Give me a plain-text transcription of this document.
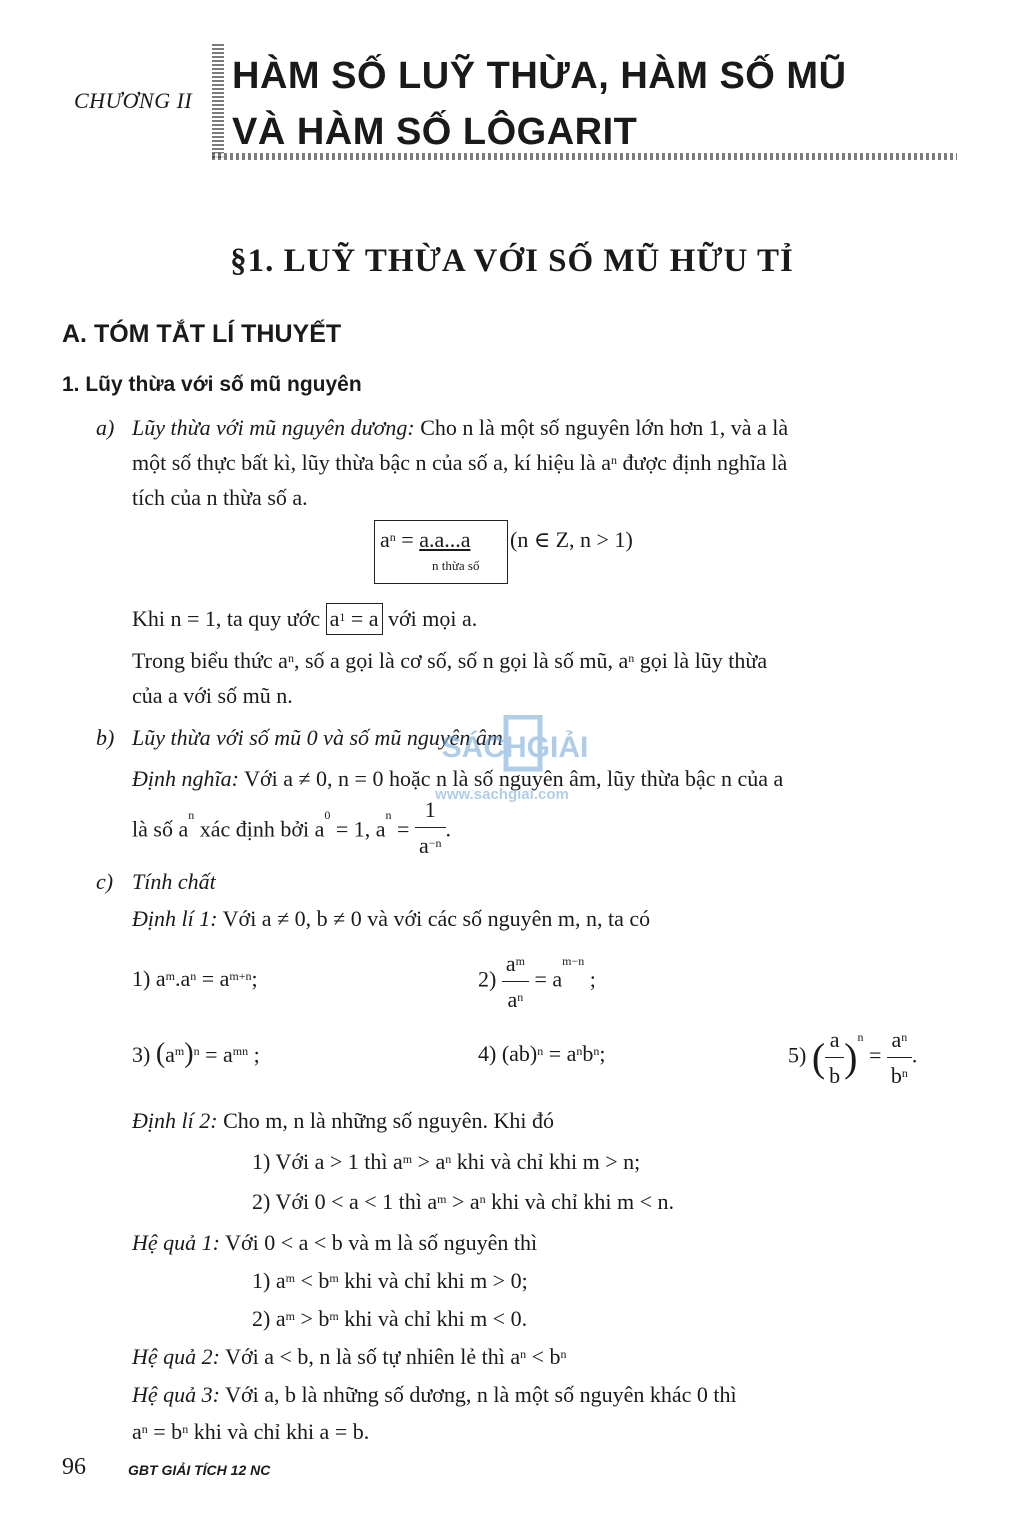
CHƯƠNG II
HÀM SỐ LUỸ THỪA, HÀM SỐ MŨ
VÀ HÀM SỐ LÔGARIT
§1. LUỸ THỪA VỚI SỐ MŨ HỮU TỈ
A. TÓM TẮT LÍ THUYẾT
1. Lũy thừa với số mũ nguyên
a) Lũy thừa với mũ nguyên dương: Cho n là một số nguyên lớn hơn 1, và a là
một số thực bất kì, lũy thừa bậc n của số a, kí hiệu là $a^n$ được định nghĩa là
tích của n thừa số a.
$a^n = a.a...a$
n thừa số
(n ∈ Z, n > 1)
Khi n = 1, ta quy ước $a^1 = a$ với mọi a.
Trong biểu thức $a^n$, số a gọi là cơ số, số n gọi là số mũ, $a^n$ gọi là lũy thừa
của a với số mũ n.
b) Lũy thừa với số mũ 0 và số mũ nguyên âm
SÁCHGIẢI
www.sachgiai.com
Định nghĩa: Với a ≠ 0, n = 0 hoặc n là số nguyên âm, lũy thừa bậc n của a
là số $a^n$ xác định bởi $a^0 = 1$, $a^n = \frac{1}{a^{-n}}$ .
c) Tính chất
Định lí 1: Với a ≠ 0, b ≠ 0 và với các số nguyên m, n, ta có
1) $a^m.a^n = a^{m+n}$;	$2) \frac{a^m}{a^n} = a^{m-n}$ ;
3) $(a^m)^n = a^{mn}$ ;	4) $(ab)^n = a^nb^n$;	5) ( $\frac{a}{b} )^n = \frac{a^n}{b^n}$ .
Định lí 2: Cho m, n là những số nguyên. Khi đó
1) Với a > 1 thì $a^m > a^n$ khi và chỉ khi m > n;
2) Với 0 < a < 1 thì $a^m > a^n$ khi và chỉ khi m < n.
Hệ quả 1: Với 0 < a < b và m là số nguyên thì
1) $a^m < b^m$ khi và chỉ khi m > 0;
2) $a^m > b^m$ khi và chỉ khi m < 0.
Hệ quả 2: Với a < b, n là số tự nhiên lẻ thì $a^n < b^n$
Hệ quả 3: Với a, b là những số dương, n là một số nguyên khác 0 thì
$a^n = b^n$ khi và chỉ khi a = b.
96	GBT GIẢI TÍCH 12 NC
